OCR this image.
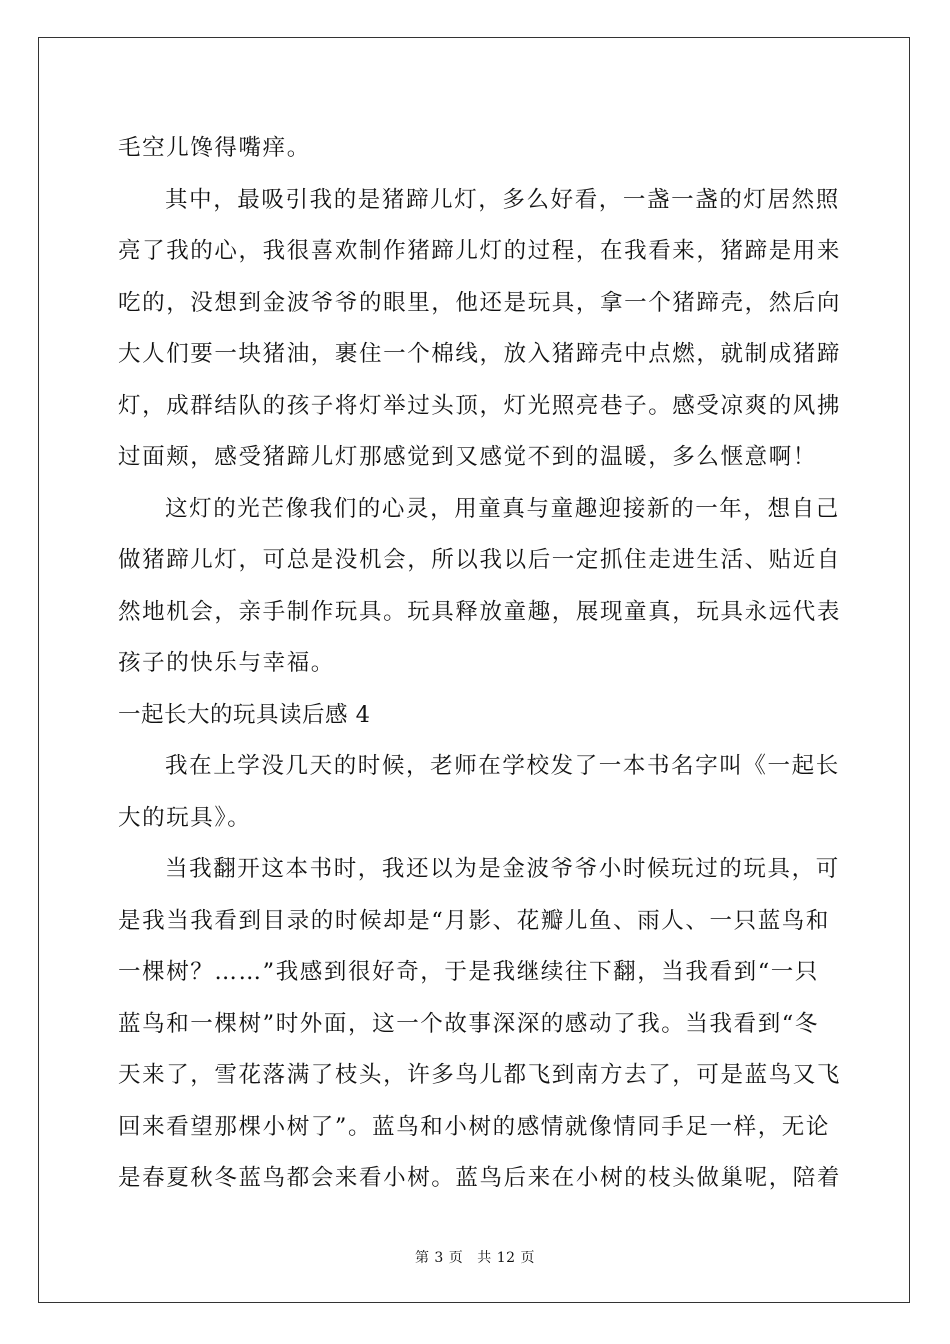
毛空儿馋得嘴痒。
其中，最吸引我的是猪蹄儿灯，多么好看，一盏一盏的灯居然照
亮了我的心，我很喜欢制作猪蹄儿灯的过程，在我看来，猪蹄是用来
吃的，没想到金波爷爷的眼里，他还是玩具，拿一个猪蹄壳，然后向
大人们要一块猪油，裹住一个棉线，放入猪蹄壳中点燃，就制成猪蹄
灯，成群结队的孩子将灯举过头顶，灯光照亮巷子。感受凉爽的风拂
过面颊，感受猪蹄儿灯那感觉到又感觉不到的温暖，多么惬意啊！
这灯的光芒像我们的心灵，用童真与童趣迎接新的一年，想自己
做猪蹄儿灯，可总是没机会，所以我以后一定抓住走进生活、贴近自
然地机会，亲手制作玩具。玩具释放童趣，展现童真，玩具永远代表
孩子的快乐与幸福。
一起长大的玩具读后感 4
我在上学没几天的时候，老师在学校发了一本书名字叫《一起长
大的玩具》。
当我翻开这本书时，我还以为是金波爷爷小时候玩过的玩具，可
是我当我看到目录的时候却是“月影、花瓣儿鱼、雨人、一只蓝鸟和
一棵树？……”我感到很好奇，于是我继续往下翻，当我看到“一只
蓝鸟和一棵树”时外面，这一个故事深深的感动了我。当我看到“冬
天来了，雪花落满了枝头，许多鸟儿都飞到南方去了，可是蓝鸟又飞
回来看望那棵小树了”。蓝鸟和小树的感情就像情同手足一样，无论
是春夏秋冬蓝鸟都会来看小树。蓝鸟后来在小树的枝头做巢呢，陪着
第 3 页 共 12 页
